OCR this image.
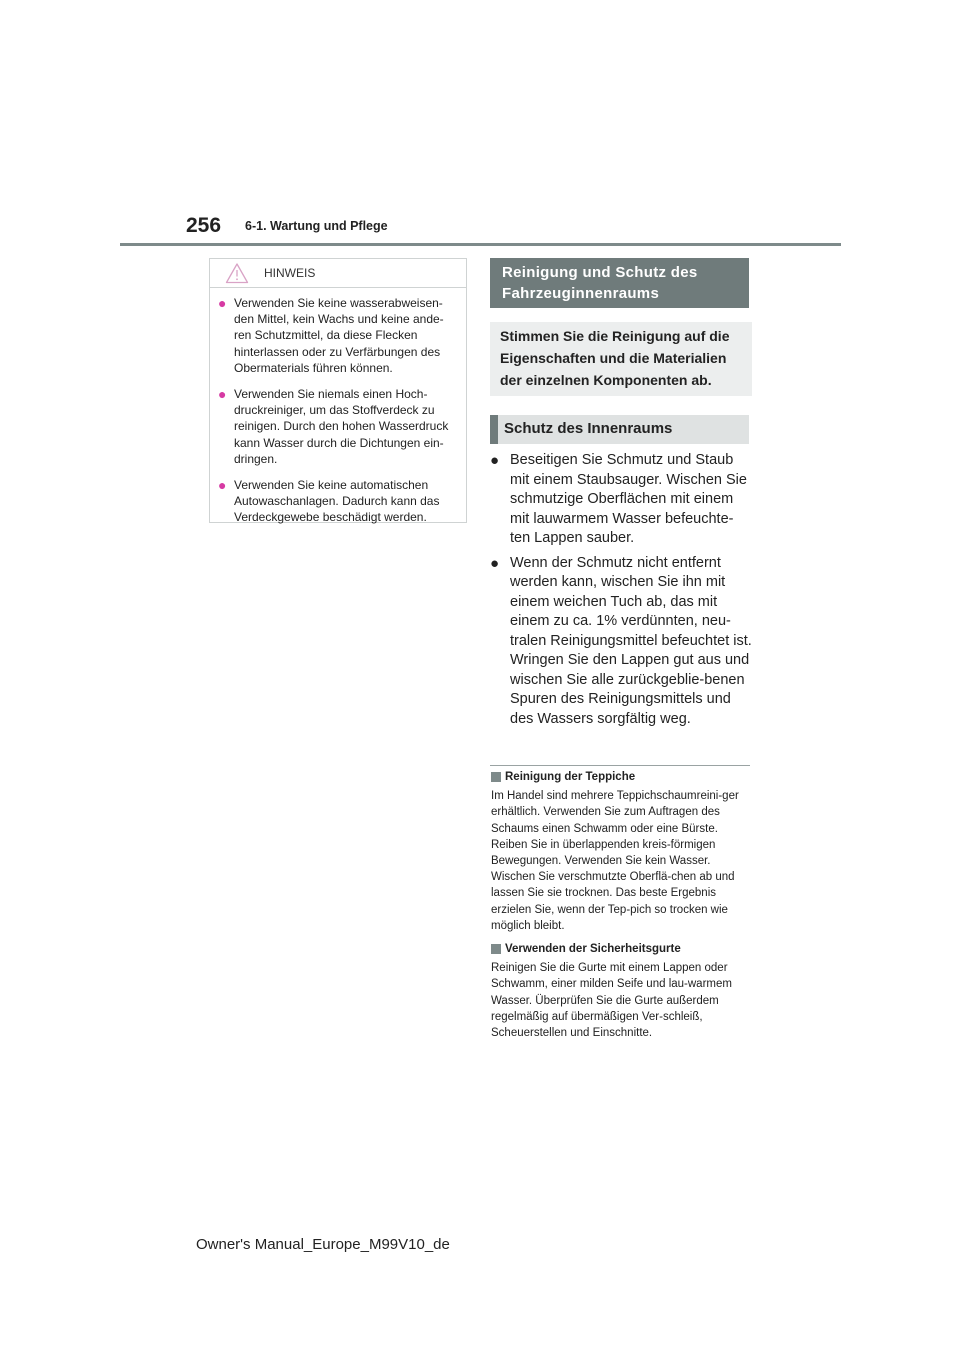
256 6-1. Wartung und Pflege
HINWEIS
● Verwenden Sie keine wasserabweisen-den Mittel, kein Wachs und keine ande-ren Schutzmittel, da diese Flecken hinterlassen oder zu Verfärbungen des Obermaterials führen können.
● Verwenden Sie niemals einen Hoch-druckreiniger, um das Stoffverdeck zu reinigen. Durch den hohen Wasserdruck kann Wasser durch die Dichtungen ein-dringen.
● Verwenden Sie keine automatischen Autowaschanlagen. Dadurch kann das Verdeckgewebe beschädigt werden.
Reinigung und Schutz des Fahrzeuginnenraums
Stimmen Sie die Reinigung auf die Eigenschaften und die Materialien der einzelnen Komponenten ab.
Schutz des Innenraums
● Beseitigen Sie Schmutz und Staub mit einem Staubsauger. Wischen Sie schmutzige Oberflächen mit einem mit lauwarmem Wasser befeuchte-ten Lappen sauber.
● Wenn der Schmutz nicht entfernt werden kann, wischen Sie ihn mit einem weichen Tuch ab, das mit einem zu ca. 1% verdünnten, neu-tralen Reinigungsmittel befeuchtet ist.
Wringen Sie den Lappen gut aus und wischen Sie alle zurückgeblie-benen Spuren des Reinigungsmittels und des Wassers sorgfältig weg.
Reinigung der Teppiche
Im Handel sind mehrere Teppichschaumreini-ger erhältlich. Verwenden Sie zum Auftragen des Schaums einen Schwamm oder eine Bürste. Reiben Sie in überlappenden kreis-förmigen Bewegungen. Verwenden Sie kein Wasser. Wischen Sie verschmutzte Oberflä-chen ab und lassen Sie sie trocknen. Das beste Ergebnis erzielen Sie, wenn der Tep-pich so trocken wie möglich bleibt.
Verwenden der Sicherheitsgurte
Reinigen Sie die Gurte mit einem Lappen oder Schwamm, einer milden Seife und lau-warmem Wasser. Überprüfen Sie die Gurte außerdem regelmäßig auf übermäßigen Ver-schleiß, Scheuerstellen und Einschnitte.
Owner's Manual_Europe_M99V10_de
